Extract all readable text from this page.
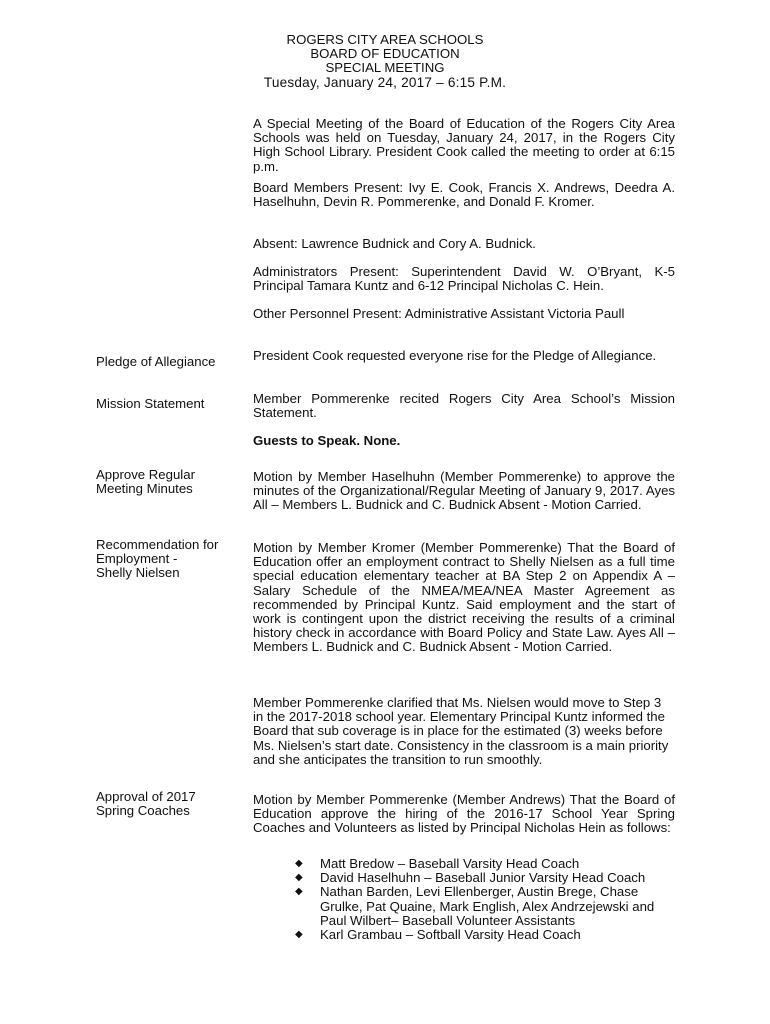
ROGERS CITY AREA SCHOOLS
BOARD OF EDUCATION
SPECIAL MEETING
Tuesday, January 24, 2017 – 6:15 P.M.

A Special Meeting of the Board of Education of the Rogers City Area Schools was held on Tuesday, January 24, 2017, in the Rogers City High School Library. President Cook called the meeting to order at 6:15 p.m.

Board Members Present: Ivy E. Cook, Francis X. Andrews, Deedra A. Haselhuhn, Devin R. Pommerenke, and Donald F. Kromer.

Absent: Lawrence Budnick and Cory A. Budnick.

Administrators Present: Superintendent David W. O’Bryant, K-5 Principal Tamara Kuntz and 6-12 Principal Nicholas C. Hein.

Other Personnel Present: Administrative Assistant Victoria Paull

Pledge of Allegiance	President Cook requested everyone rise for the Pledge of Allegiance.

Mission Statement	Member Pommerenke recited Rogers City Area School’s Mission Statement.

Guests to Speak. None.

Approve Regular
Meeting Minutes

Motion by Member Haselhuhn (Member Pommerenke) to approve the minutes of the Organizational/Regular Meeting of January 9, 2017. Ayes All – Members L. Budnick and C. Budnick Absent - Motion Carried.

Recommendation for
Employment -
Shelly Nielsen

Motion by Member Kromer (Member Pommerenke) That the Board of Education offer an employment contract to Shelly Nielsen as a full time special education elementary teacher at BA Step 2 on Appendix A – Salary Schedule of the NMEA/MEA/NEA Master Agreement as recommended by Principal Kuntz. Said employment and the start of work is contingent upon the district receiving the results of a criminal history check in accordance with Board Policy and State Law. Ayes All – Members L. Budnick and C. Budnick Absent - Motion Carried.

Member Pommerenke clarified that Ms. Nielsen would move to Step 3 in the 2017-2018 school year. Elementary Principal Kuntz informed the Board that sub coverage is in place for the estimated (3) weeks before Ms. Nielsen’s start date. Consistency in the classroom is a main priority and she anticipates the transition to run smoothly.

Approval of 2017
Spring Coaches

Motion by Member Pommerenke (Member Andrews) That the Board of Education approve the hiring of the 2016-17 School Year Spring Coaches and Volunteers as listed by Principal Nicholas Hein as follows:

◆ Matt Bredow – Baseball Varsity Head Coach
◆ David Haselhuhn – Baseball Junior Varsity Head Coach
◆ Nathan Barden, Levi Ellenberger, Austin Brege, Chase Grulke, Pat Quaine, Mark English, Alex Andrzejewski and Paul Wilbert– Baseball Volunteer Assistants
◆ Karl Grambau – Softball Varsity Head Coach
